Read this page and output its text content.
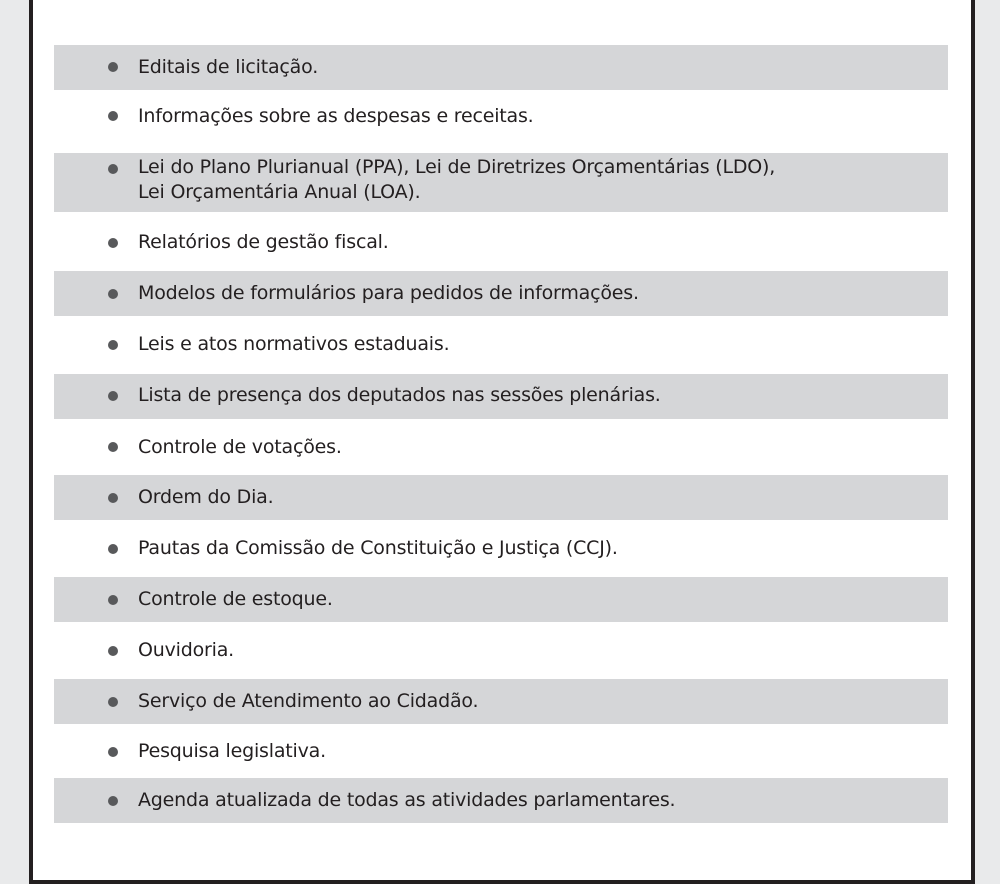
Editais de licitação.
Informações sobre as despesas e receitas.
Lei do Plano Plurianual (PPA), Lei de Diretrizes Orçamentárias (LDO),
Lei Orçamentária Anual (LOA).
Relatórios de gestão fiscal.
Modelos de formulários para pedidos de informações.
Leis e atos normativos estaduais.
Lista de presença dos deputados nas sessões plenárias.
Controle de votações.
Ordem do Dia.
Pautas da Comissão de Constituição e Justiça (CCJ).
Controle de estoque.
Ouvidoria.
Serviço de Atendimento ao Cidadão.
Pesquisa legislativa.
Agenda atualizada de todas as atividades parlamentares.
